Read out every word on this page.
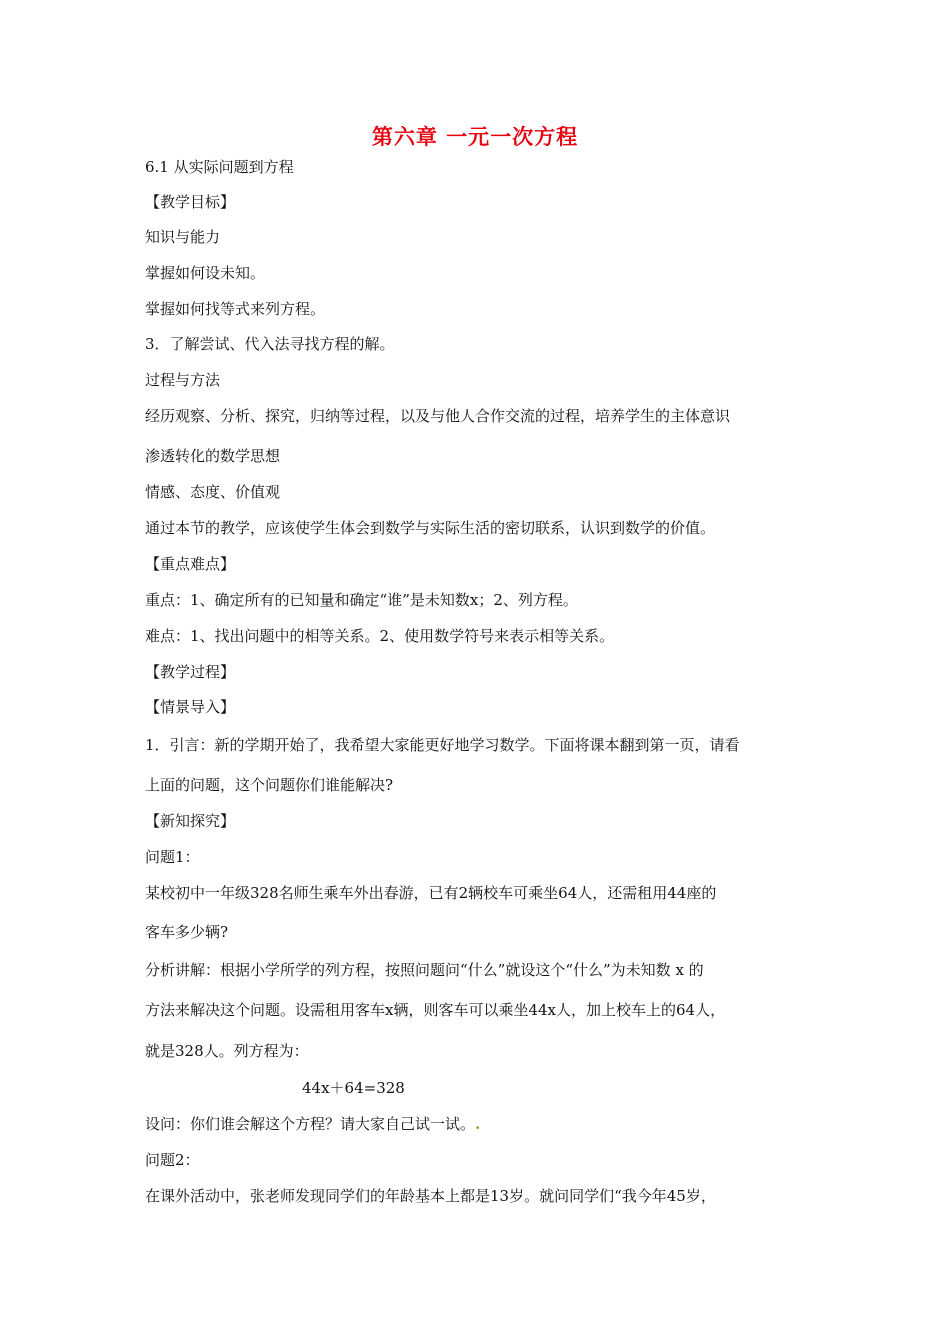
第六章 一元一次方程
6.1 从实际问题到方程
【教学目标】
知识与能力
掌握如何设未知。
掌握如何找等式来列方程。
3．了解尝试、代入法寻找方程的解。
过程与方法
经历观察、分析、探究，归纳等过程，以及与他人合作交流的过程，培养学生的主体意识
渗透转化的数学思想
情感、态度、价值观
通过本节的教学，应该使学生体会到数学与实际生活的密切联系，认识到数学的价值。
【重点难点】
重点：1、确定所有的已知量和确定“谁”是未知数x；2、列方程。
难点：1、找出问题中的相等关系。2、使用数学符号来表示相等关系。
【教学过程】
【情景导入】
1．引言：新的学期开始了，我希望大家能更好地学习数学。下面将课本翻到第一页，请看
上面的问题，这个问题你们谁能解决?
【新知探究】
问题1：
某校初中一年级328名师生乘车外出春游，已有2辆校车可乘坐64人，还需租用44座的
客车多少辆?
分析讲解：根据小学所学的列方程，按照问题问“什么”就设这个“什么”为未知数 x 的
方法来解决这个问题。设需租用客车x辆，则客车可以乘坐44x人，加上校车上的64人，
就是328人。列方程为：
44x＋64=328
设问：你们谁会解这个方程？请大家自己试一试。.
问题2：
在课外活动中，张老师发现同学们的年龄基本上都是13岁。就问同学们“我今年45岁，
